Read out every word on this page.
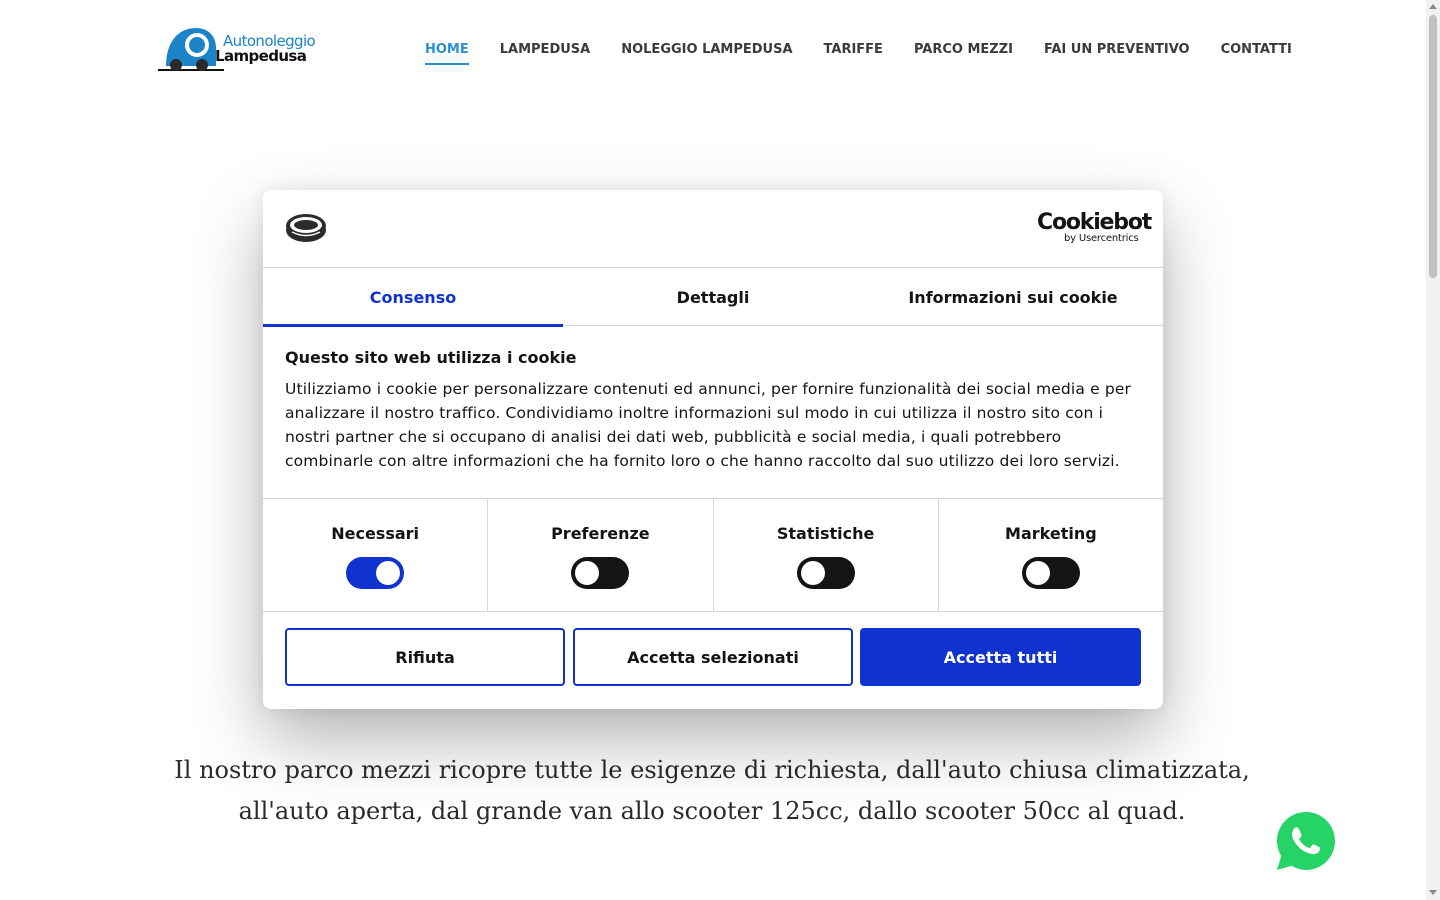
Autonoleggio
Lampedusa	HOME LAMPEDUSA NOLEGGIO LAMPEDUSA TARIFFE PARCO MEZZI FAI UN PREVENTIVO CONTATTI

Il nostro parco mezzi ricopre tutte le esigenze di richiesta, dall'auto chiusa climatizzata, all'auto aperta, dal grande van allo scooter 125cc, dallo scooter 50cc al quad.

Cookiebot
by Usercentrics
Consenso	Dettagli	Informazioni sui cookie
Questo sito web utilizza i cookie

Utilizziamo i cookie per personalizzare contenuti ed annunci, per fornire funzionalità dei social media e per analizzare il nostro traffico. Condividiamo inoltre informazioni sul modo in cui utilizza il nostro sito con i nostri partner che si occupano di analisi dei dati web, pubblicità e social media, i quali potrebbero combinarle con altre informazioni che ha fornito loro o che hanno raccolto dal suo utilizzo dei loro servizi.

Necessari	Preferenze	Statistiche	Marketing
Rifiuta	Accetta selezionati	Accetta tutti
